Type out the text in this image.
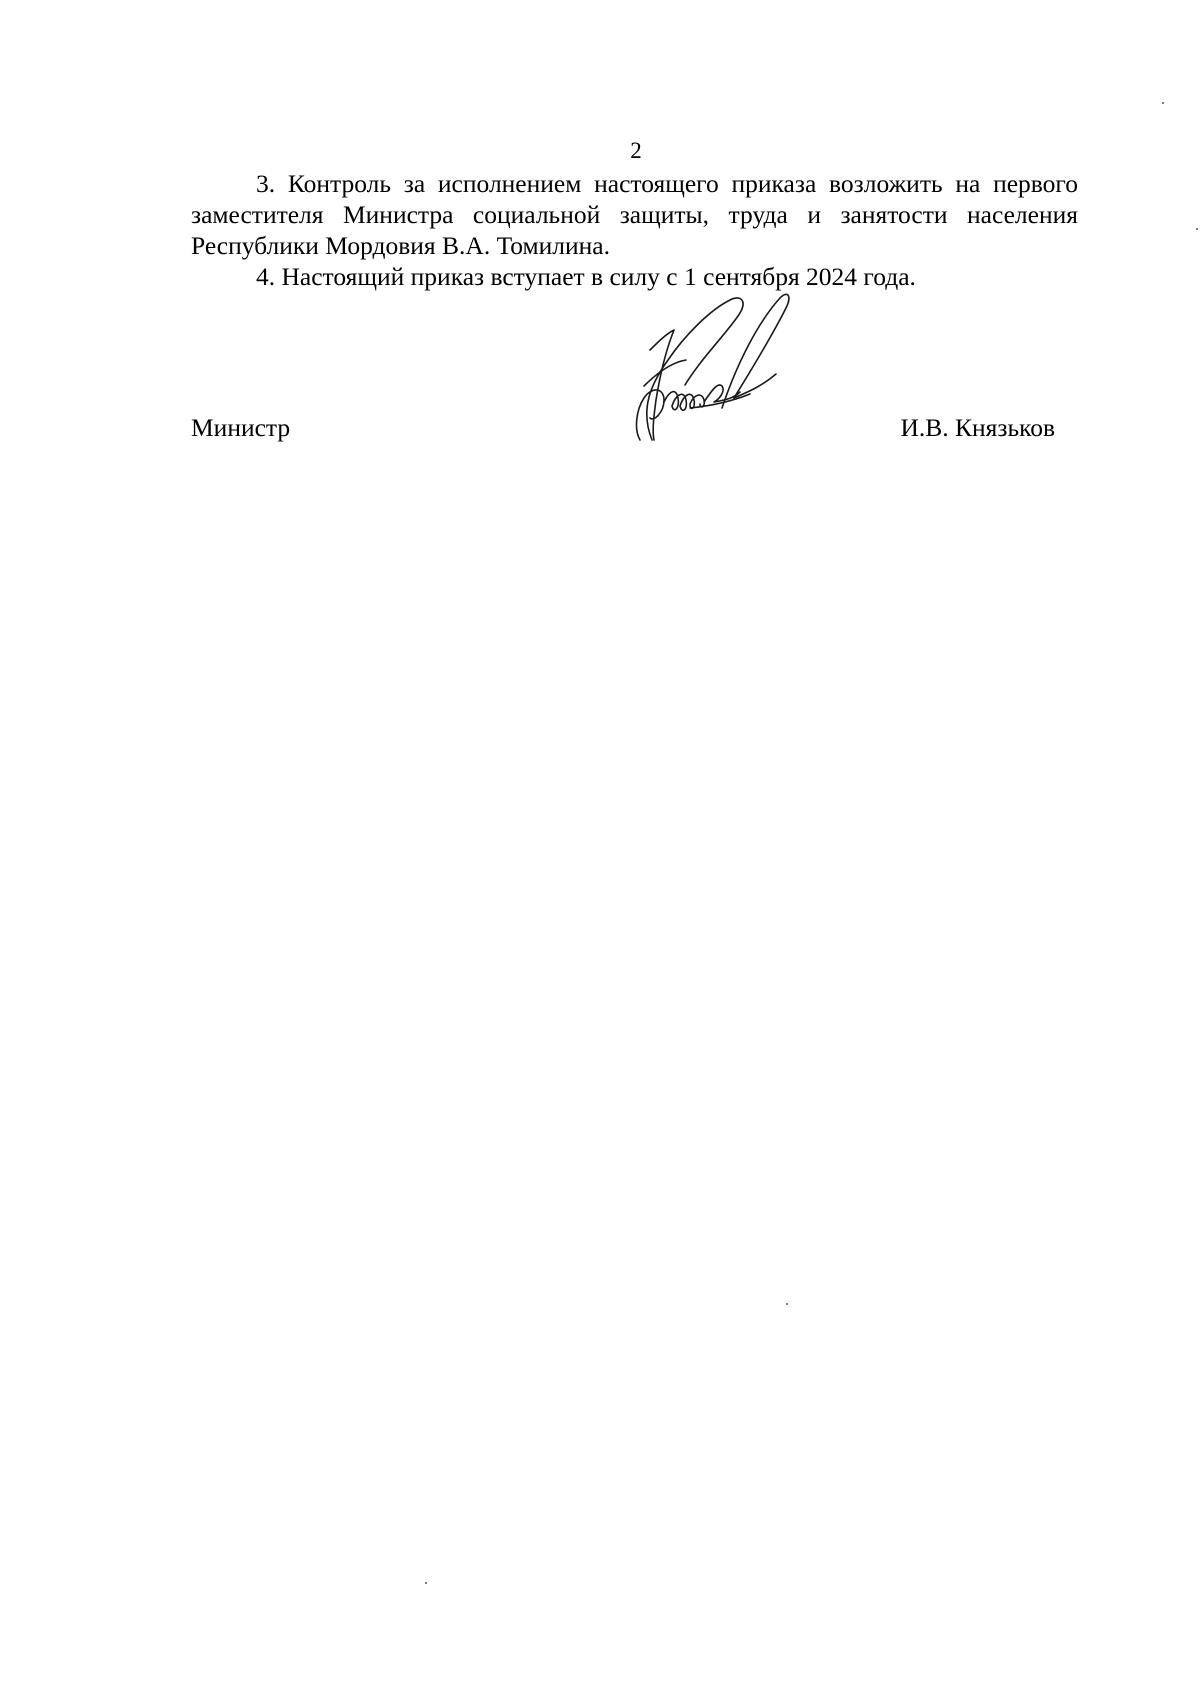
2

3. Контроль за исполнением настоящего приказа возложить на первого заместителя Министра социальной защиты, труда и занятости населения Республики Мордовия В.А. Томилина.

4. Настоящий приказ вступает в силу с 1 сентября 2024 года.

Министр	И.В. Князьков
